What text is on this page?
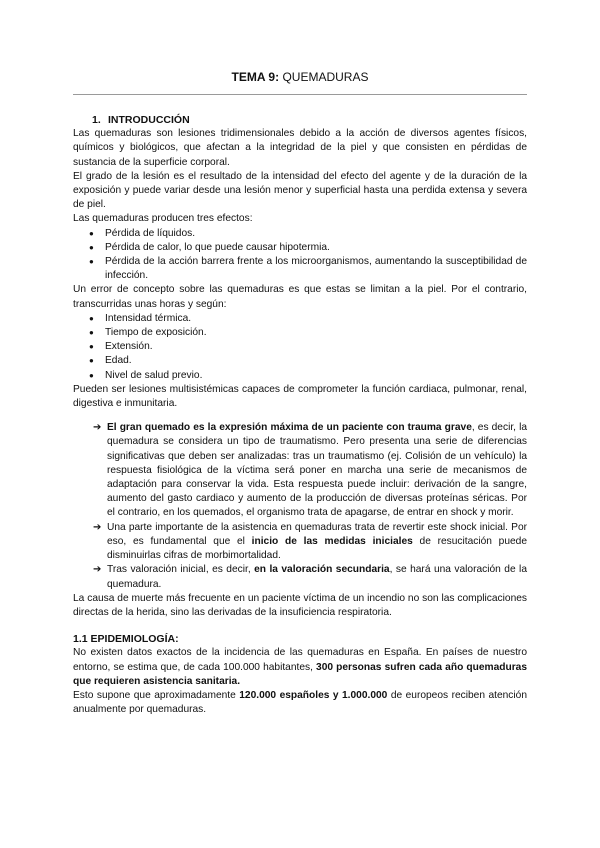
TEMA 9: QUEMADURAS
1. INTRODUCCIÓN

Las quemaduras son lesiones tridimensionales debido a la acción de diversos agentes físicos, químicos y biológicos, que afectan a la integridad de la piel y que consisten en pérdidas de sustancia de la superficie corporal.

El grado de la lesión es el resultado de la intensidad del efecto del agente y de la duración de la exposición y puede variar desde una lesión menor y superficial hasta una perdida extensa y severa de piel.

Las quemaduras producen tres efectos:

● Pérdida de líquidos.
● Pérdida de calor, lo que puede causar hipotermia.
● Pérdida de la acción barrera frente a los microorganismos, aumentando la susceptibilidad de infección.

Un error de concepto sobre las quemaduras es que estas se limitan a la piel. Por el contrario, transcurridas unas horas y según:

● Intensidad térmica.
● Tiempo de exposición.
● Extensión.
● Edad.
● Nivel de salud previo.

Pueden ser lesiones multisistémicas capaces de comprometer la función cardiaca, pulmonar, renal, digestiva e inmunitaria.

➔ El gran quemado es la expresión máxima de un paciente con trauma grave, es decir, la quemadura se considera un tipo de traumatismo. Pero presenta una serie de diferencias significativas que deben ser analizadas: tras un traumatismo (ej. Colisión de un vehículo) la respuesta fisiológica de la víctima será poner en marcha una serie de mecanismos de adaptación para conservar la vida. Esta respuesta puede incluir: derivación de la sangre, aumento del gasto cardiaco y aumento de la producción de diversas proteínas séricas. Por el contrario, en los quemados, el organismo trata de apagarse, de entrar en shock y morir.
➔ Una parte importante de la asistencia en quemaduras trata de revertir este shock inicial. Por eso, es fundamental que el inicio de las medidas iniciales de resucitación puede disminuirlas cifras de morbimortalidad.
➔ Tras valoración inicial, es decir, en la valoración secundaria, se hará una valoración de la quemadura.

La causa de muerte más frecuente en un paciente víctima de un incendio no son las complicaciones directas de la herida, sino las derivadas de la insuficiencia respiratoria.

1.1 EPIDEMIOLOGÍA:

No existen datos exactos de la incidencia de las quemaduras en España. En países de nuestro entorno, se estima que, de cada 100.000 habitantes, 300 personas sufren cada año quemaduras que requieren asistencia sanitaria.

Esto supone que aproximadamente 120.000 españoles y 1.000.000 de europeos reciben atención anualmente por quemaduras.
